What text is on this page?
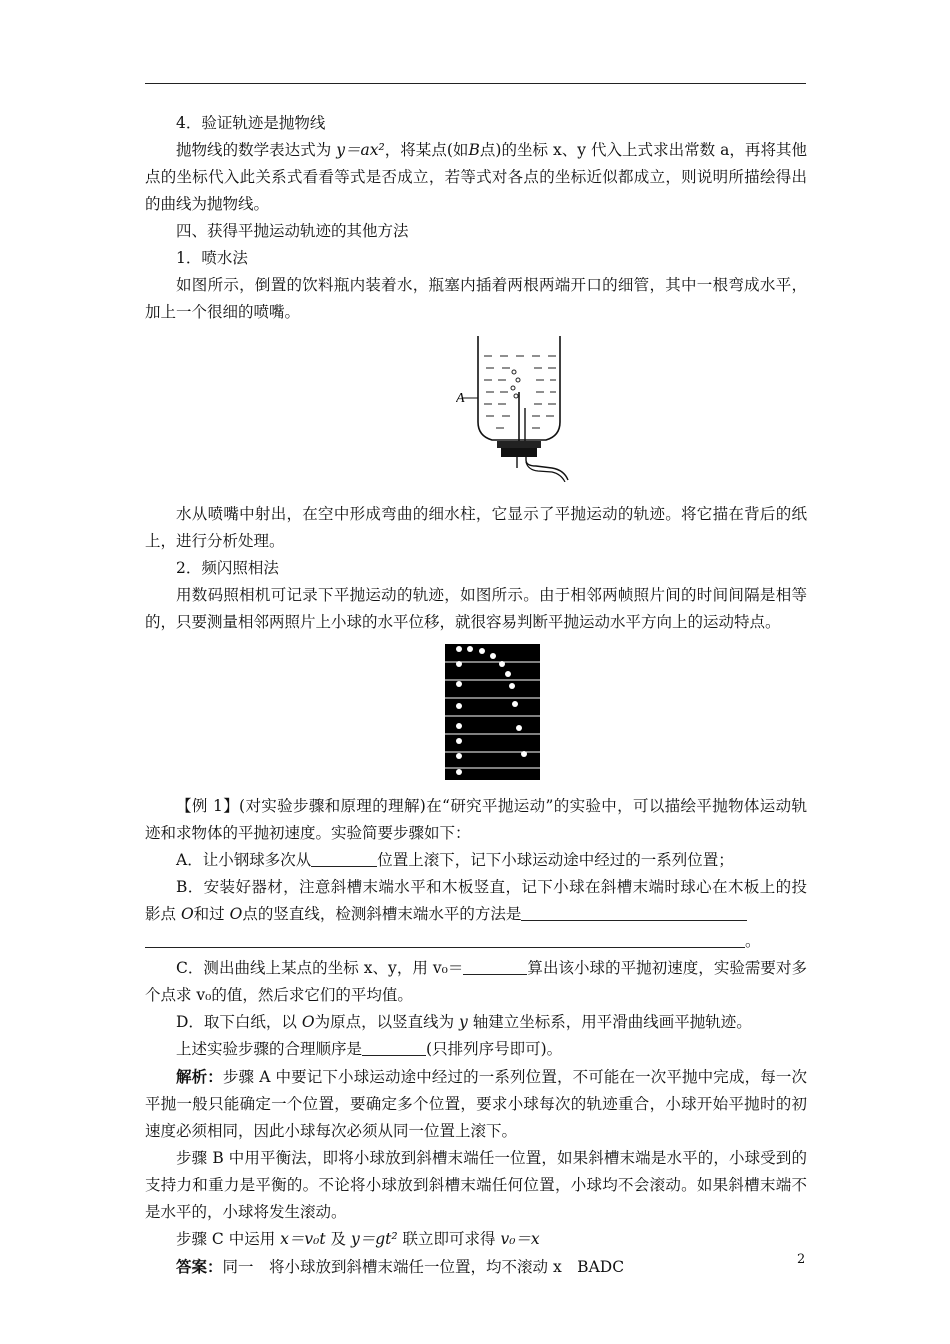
4．验证轨迹是抛物线

抛物线的数学表达式为 y＝ax²，将某点(如B点)的坐标 x、y 代入上式求出常数 a，再将其他点的坐标代入此关系式看看等式是否成立，若等式对各点的坐标近似都成立，则说明所描绘得出的曲线为抛物线。

四、获得平抛运动轨迹的其他方法

1．喷水法

如图所示，倒置的饮料瓶内装着水，瓶塞内插着两根两端开口的细管，其中一根弯成水平，加上一个很细的喷嘴。

A

水从喷嘴中射出，在空中形成弯曲的细水柱，它显示了平抛运动的轨迹。将它描在背后的纸上，进行分析处理。

2．频闪照相法

用数码照相机可记录下平抛运动的轨迹，如图所示。由于相邻两帧照片间的时间间隔是相等的，只要测量相邻两照片上小球的水平位移，就很容易判断平抛运动水平方向上的运动特点。

【例 1】(对实验步骤和原理的理解)在“研究平抛运动”的实验中，可以描绘平抛物体运动轨迹和求物体的平抛初速度。实验简要步骤如下：

A．让小钢球多次从	位置上滚下，记下小球运动途中经过的一系列位置；

B．安装好器材，注意斜槽末端水平和木板竖直，记下小球在斜槽末端时球心在木板上的投影点 O和过 O点的竖直线，检测斜槽末端水平的方法是

。

C．测出曲线上某点的坐标 x、y，用 v₀＝	算出该小球的平抛初速度，实验需要对多个点求 v₀的值，然后求它们的平均值。

D．取下白纸，以 O为原点，以竖直线为 y 轴建立坐标系，用平滑曲线画平抛轨迹。

上述实验步骤的合理顺序是	(只排列序号即可)。

解析：步骤 A 中要记下小球运动途中经过的一系列位置，不可能在一次平抛中完成，每一次平抛一般只能确定一个位置，要确定多个位置，要求小球每次的轨迹重合，小球开始平抛时的初速度必须相同，因此小球每次必须从同一位置上滚下。

步骤 B 中用平衡法，即将小球放到斜槽末端任一位置，如果斜槽末端是水平的，小球受到的支持力和重力是平衡的。不论将小球放到斜槽末端任何位置，小球均不会滚动。如果斜槽末端不是水平的，小球将发生滚动。

步骤 C 中运用 x＝v₀t 及 y＝gt² 联立即可求得 v₀＝x

答案：同一　将小球放到斜槽末端任一位置，均不滚动 x　BADC	2
